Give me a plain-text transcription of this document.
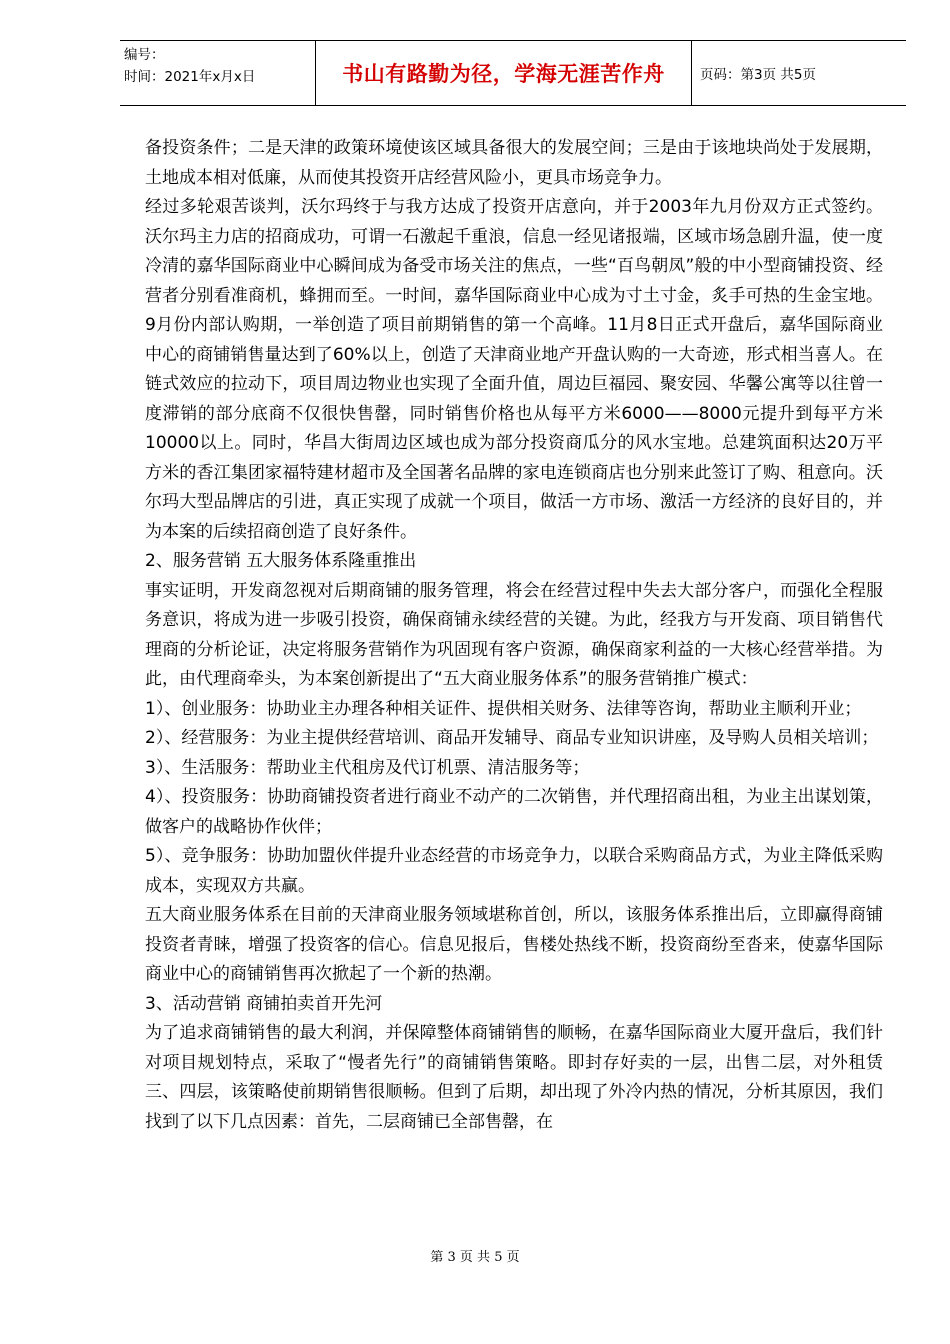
编号：
时间：2021年x月x日	书山有路勤为径，学海无涯苦作舟	页码：第3页 共5页

备投资条件；二是天津的政策环境使该区域具备很大的发展空间；三是由于该地块尚处于发展期，土地成本相对低廉，从而使其投资开店经营风险小，更具市场竞争力。

经过多轮艰苦谈判，沃尔玛终于与我方达成了投资开店意向，并于2003年九月份双方正式签约。沃尔玛主力店的招商成功，可谓一石激起千重浪，信息一经见诸报端，区域市场急剧升温，使一度冷清的嘉华国际商业中心瞬间成为备受市场关注的焦点，一些“百鸟朝凤”般的中小型商铺投资、经营者分别看准商机，蜂拥而至。一时间，嘉华国际商业中心成为寸土寸金，炙手可热的生金宝地。9月份内部认购期，一举创造了项目前期销售的第一个高峰。11月8日正式开盘后，嘉华国际商业中心的商铺销售量达到了60%以上，创造了天津商业地产开盘认购的一大奇迹，形式相当喜人。在链式效应的拉动下，项目周边物业也实现了全面升值，周边巨福园、聚安园、华馨公寓等以往曾一度滞销的部分底商不仅很快售罄，同时销售价格也从每平方米6000——8000元提升到每平方米10000以上。同时，华昌大街周边区域也成为部分投资商瓜分的风水宝地。总建筑面积达20万平方米的香江集团家福特建材超市及全国著名品牌的家电连锁商店也分别来此签订了购、租意向。沃尔玛大型品牌店的引进，真正实现了成就一个项目，做活一方市场、激活一方经济的良好目的，并为本案的后续招商创造了良好条件。

2、服务营销 五大服务体系隆重推出

事实证明，开发商忽视对后期商铺的服务管理，将会在经营过程中失去大部分客户，而强化全程服务意识，将成为进一步吸引投资，确保商铺永续经营的关键。为此，经我方与开发商、项目销售代理商的分析论证，决定将服务营销作为巩固现有客户资源，确保商家利益的一大核心经营举措。为此，由代理商牵头，为本案创新提出了“五大商业服务体系”的服务营销推广模式：

1）、创业服务：协助业主办理各种相关证件、提供相关财务、法律等咨询，帮助业主顺利开业；

2）、经营服务：为业主提供经营培训、商品开发辅导、商品专业知识讲座，及导购人员相关培训；

3）、生活服务：帮助业主代租房及代订机票、清洁服务等；

4）、投资服务：协助商铺投资者进行商业不动产的二次销售，并代理招商出租，为业主出谋划策，做客户的战略协作伙伴；

5）、竞争服务：协助加盟伙伴提升业态经营的市场竞争力，以联合采购商品方式，为业主降低采购成本，实现双方共赢。

五大商业服务体系在目前的天津商业服务领域堪称首创，所以，该服务体系推出后，立即赢得商铺投资者青睐，增强了投资客的信心。信息见报后，售楼处热线不断，投资商纷至沓来，使嘉华国际商业中心的商铺销售再次掀起了一个新的热潮。

3、活动营销 商铺拍卖首开先河

为了追求商铺销售的最大利润，并保障整体商铺销售的顺畅，在嘉华国际商业大厦开盘后，我们针对项目规划特点，采取了“慢者先行”的商铺销售策略。即封存好卖的一层，出售二层，对外租赁三、四层，该策略使前期销售很顺畅。但到了后期，却出现了外冷内热的情况，分析其原因，我们找到了以下几点因素：首先，二层商铺已全部售罄，在

第 3 页 共 5 页
